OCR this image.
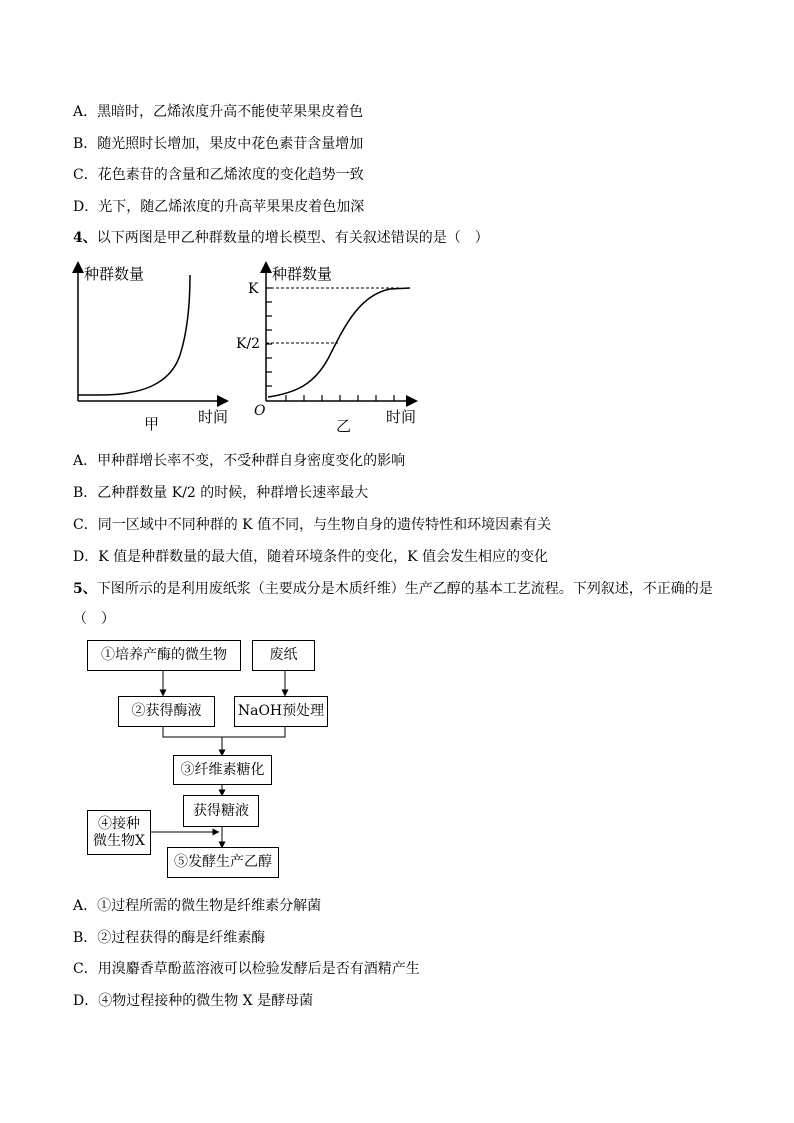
A．黑暗时，乙烯浓度升高不能使苹果果皮着色
B．随光照时长增加，果皮中花色素苷含量增加
C．花色素苷的含量和乙烯浓度的变化趋势一致
D．光下，随乙烯浓度的升高苹果果皮着色加深
4、以下两图是甲乙种群数量的增长模型、有关叙述错误的是（　）
种群数量
时间
甲
种群数量
K
K/2
O	时间
乙
A．甲种群增长率不变，不受种群自身密度变化的影响
B．乙种群数量 K/2 的时候，种群增长速率最大
C．同一区域中不同种群的 K 值不同，与生物自身的遗传特性和环境因素有关
D．K 值是种群数量的最大值，随着环境条件的变化，K 值会发生相应的变化
5、下图所示的是利用废纸浆（主要成分是木质纤维）生产乙醇的基本工艺流程。下列叙述，不正确的是
（　）
①培养产酶的微生物	废纸
②获得酶液	NaOH预处理
③纤维素糖化
获得糖液
④接种
微生物X
⑤发酵生产乙醇
A．①过程所需的微生物是纤维素分解菌
B．②过程获得的酶是纤维素酶
C．用溴麝香草酚蓝溶液可以检验发酵后是否有酒精产生
D．④物过程接种的微生物 X 是酵母菌
